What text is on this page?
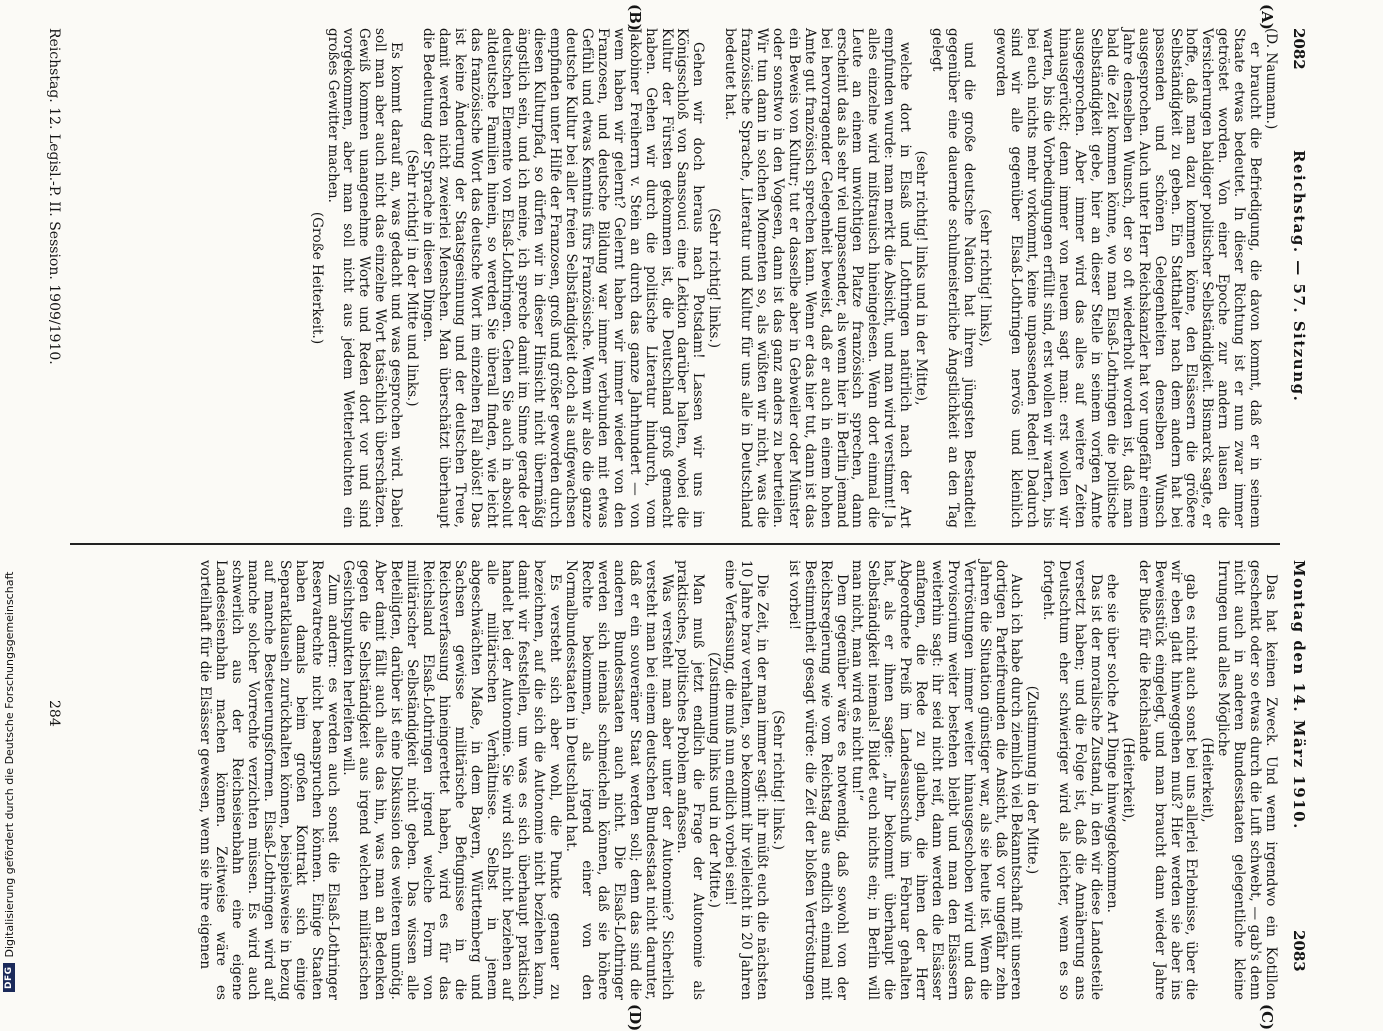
2082
Reichstag. — 57. Sitzung.
Montag den 14. März 1910.
2083
(A)
(B)
(C)
(D)

(D. Naumann.)

er braucht die Befriedigung, die davon kommt, daß er in seinem Staate etwas bedeutet. In dieser Richtung ist er nun zwar immer getröstet worden. Von einer Epoche zur andern lausen die Versicherungen baldiger politischer Selbständigkeit. Bismarck sagte, er hoffe, daß man dazu kommen könne, den Elsässern die größere Selbständigkeit zu geben. Ein Statthalter nach dem andern hat bei passenden und schönen Gelegenheiten denselben Wunsch ausgesprochen. Auch unter Herr Reichskanzler hat vor ungefähr einem Jahre denselben Wunsch, der so oft wiederholt worden ist, daß man bald die Zeit kommen könne, wo man Elsaß-Lothringen die politische Selbständigkeit gebe, hier an dieser Stelle in seinem vorigen Amte ausgesprochen. Aber immer wird das alles auf weitere Zeiten hinausgerückt; denn immer von neuem sagt man: erst wollen wir warten, bis die Vorbedingungen erfüllt sind, erst wollen wir warten, bis bei euch nichts mehr vorkommt, keine unpassenden Reden! Dadurch sind wir alle gegenüber Elsaß-Lothringen nervös und kleinlich geworden

(sehr richtig! links),

und die große deutsche Nation hat ihrem jüngsten Bestandteil gegenüber eine dauernde schulmeisterliche Ängstlichkeit an den Tag gelegt

(sehr richtig! links und in der Mitte),

welche dort in Elsaß und Lothringen natürlich nach der Art empfunden wurde: man merkt die Absicht, und man wird verstimmt! Ja alles einzelne wird mißtrauisch hineingelesen. Wenn dort einmal die Leute an einem unwichtigen Platze französisch sprechen, dann erscheint das als sehr viel unpassender, als wenn hier in Berlin jemand bei hervorragender Gelegenheit beweist, daß er auch in einem hohen Amte gut französisch sprechen kann. Wenn er das hier tut, dann ist das ein Beweis von Kultur; tut er dasselbe aber in Gebweiler oder Münster oder sonstwo in den Vogesen, dann ist das ganz anders zu beurteilen. Wir tun dann in solchen Momenten so, als wüßten wir nicht, was die französische Sprache, Literatur und Kultur für uns alle in Deutschland bedeutet hat.

(Sehr richtig! links.)

Gehen wir doch heraus nach Potsdam! Lassen wir uns im Königsschloß von Sanssouci eine Lektion darüber halten, wobei die Kultur der Fürsten gekommen ist, die Deutschland groß gemacht haben. Gehen wir durch die politische Literatur hindurch, vom Jakobiner Freiherrn v. Stein an durch das ganze Jahrhundert — von wem haben wir gelernt? Gelernt haben wir immer wieder von den Franzosen, und deutsche Bildung war immer verbunden mit etwas Gefühl und etwas Kenntnis fürs Französische. Wenn wir also die ganze deutsche Kultur bei aller freien Selbständigkeit doch als aufgewachsen empfinden unter Hilfe der Franzosen, groß und größer geworden durch diesen Kulturpfad, so dürfen wir in dieser Hinsicht nicht übermäßig ängstlich sein, und ich meine, ich spreche damit im Sinne gerade der deutschen Elemente von Elsaß-Lothringen. Gehen Sie auch in absolut altdeutsche Familien hinein, so werden Sie überall finden, wie leicht das französische Wort das deutsche Wort im einzelnen Fall ablöst! Das ist keine Änderung der Staatsgesinnung und der deutschen Treue, damit werden nicht zweierlei Menschen. Man überschätzt überhaupt die Bedeutung der Sprache in diesen Dingen.

(Sehr richtig! in der Mitte und links.)

Es kommt darauf an, was gedacht und was gesprochen wird. Dabei soll man aber auch nicht das einzelne Wort tatsächlich überschätzen. Gewiß kommen unangenehme Worte und Reden dort vor und sind vorgekommen, aber man soll nicht aus jedem Wetterleuchten ein großes Gewitter machen.

(Große Heiterkeit.)

Das hat keinen Zweck. Und wenn irgendwo ein Kotillon geschenkt oder so etwas durch die Luft schwebt, — gab's denn nicht auch in anderen Bundesstaaten gelegentliche kleine Irrungen und alles Mögliche

(Heiterkeit),

gab es nicht auch sonst bei uns allerlei Erlebnisse, über die wir eben glatt hinweggehen muß? Hier werden sie aber ins Beweisstück eingelegt, und man braucht dann wieder Jahre der Buße für die Reichslande

(Heiterkeit),

ehe sie über solche Art Dinge hinweggekommen.

Das ist der moralische Zustand, in den wir diese Landesteile versetzt haben; und die Folge ist, daß die Annäherung ans Deutschtum eher schwieriger wird als leichter, wenn es so fortgeht.

(Zustimmung in der Mitte.)

Auch ich habe durch ziemlich viel Bekanntschaft mit unseren dortigen Parteifreunden die Ansicht, daß vor ungefähr zehn Jahren die Situation günstiger war, als sie heute ist. Wenn die Vertröstungen immer weiter hinausgeschoben wird und das Provisorium weiter bestehen bleibt und man den Elsässern weiterhin sagt: ihr seid nicht reif, dann werden die Elsässer anfangen, die Rede zu glauben, die ihnen der Herr Abgeordnete Preiß im Landesausschuß im Februar gehalten hat, als er ihnen sagte: „Ihr bekommt überhaupt die Selbständigkeit niemals! Bildet euch nichts ein; in Berlin will man nicht, man wird es nicht tun!“

Dem gegenüber wäre es notwendig, daß sowohl von der Reichsregierung wie vom Reichstag aus endlich einmal mit Bestimmtheit gesagt würde: die Zeit der bloßen Vertröstungen ist vorbei!

(Sehr richtig! links.)

Die Zeit, in der man immer sagt: ihr müßt euch die nächsten 10 Jahre brav verhalten, so bekommt ihr vielleicht in 20 Jahren eine Verfassung, die muß nun endlich vorbei sein!

(Zustimmung links und in der Mitte.)

Man muß jetzt endlich die Frage der Autonomie als praktisches, politisches Problem anfassen.

Was versteht man aber unter der Autonomie? Sicherlich versteht man bei einem deutschen Bundesstaat nicht darunter, daß er ein souveräner Staat werden soll; denn das sind die anderen Bundesstaaten auch nicht. Die Elsaß-Lothringer werden sich niemals schmeicheln können, daß sie höhere Rechte bekommen, als irgend einer von den Normalbundesstaaten in Deutschland hat.

Es versteht sich aber wohl, die Punkte genauer zu bezeichnen, auf die sich die Autonomie nicht beziehen kann, damit wir feststellen, um was es sich überhaupt praktisch handelt bei der Autonomie. Sie wird sich nicht beziehen auf alle militärischen Verhältnisse. Selbst in jenem abgeschwächten Maße, in dem Bayern, Württemberg und Sachsen gewisse militärische Befugnisse in die Reichsverfassung hineingerettet haben, wird es für das Reichsland Elsaß-Lothringen irgend welche Form von militärischer Selbständigkeit nicht geben. Das wissen alle Beteiligten, darüber ist eine Diskussion des weiteren unnötig. Aber damit fällt auch alles das hin, was man an Bedenken gegen die Selbständigkeit aus irgend welchen militärischen Gesichtspunkten herleiten will.

Zum andern: es werden auch sonst die Elsaß-Lothringer Reservatrechte nicht beanspruchen können. Einige Staaten haben damals beim großen Kontrakt sich einige Separatklauseln zurückhalten können, beispielsweise in bezug auf manche Besteuerungsformen. Elsaß-Lothringen wird auf manche solcher Vorrechte verzichten müssen. Es wird auch schwerlich aus der Reichseisenbahn eine eigene Landeseisenbahn machen können. Zeitweise wäre es vorteilhaft für die Elsässer gewesen, wenn sie ihre eigenen

Reichstag. 12. Legisl.-P. II. Session. 1909/1910.
284
DFG
Digitalisierung gefördert durch die Deutsche Forschungsgemeinschaft
